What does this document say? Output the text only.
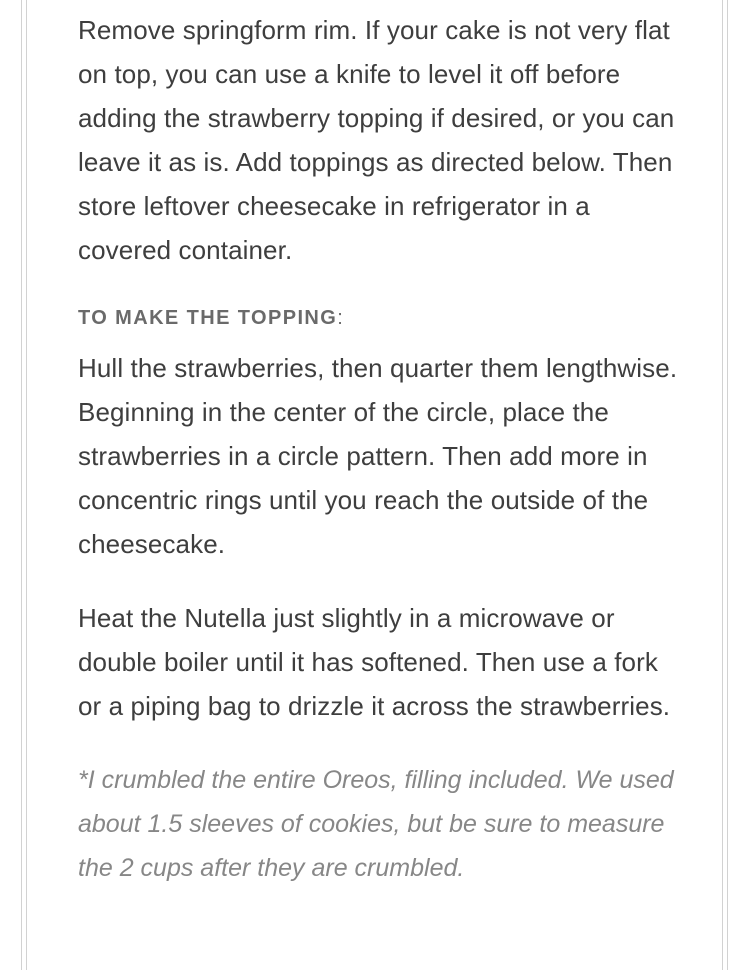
Remove springform rim. If your cake is not very flat on top, you can use a knife to level it off before adding the strawberry topping if desired, or you can leave it as is. Add toppings as directed below. Then store leftover cheesecake in refrigerator in a covered container.

TO MAKE THE TOPPING:

Hull the strawberries, then quarter them lengthwise. Beginning in the center of the circle, place the strawberries in a circle pattern. Then add more in concentric rings until you reach the outside of the cheesecake.

Heat the Nutella just slightly in a microwave or double boiler until it has softened. Then use a fork or a piping bag to drizzle it across the strawberries.

*I crumbled the entire Oreos, filling included. We used about 1.5 sleeves of cookies, but be sure to measure the 2 cups after they are crumbled.
